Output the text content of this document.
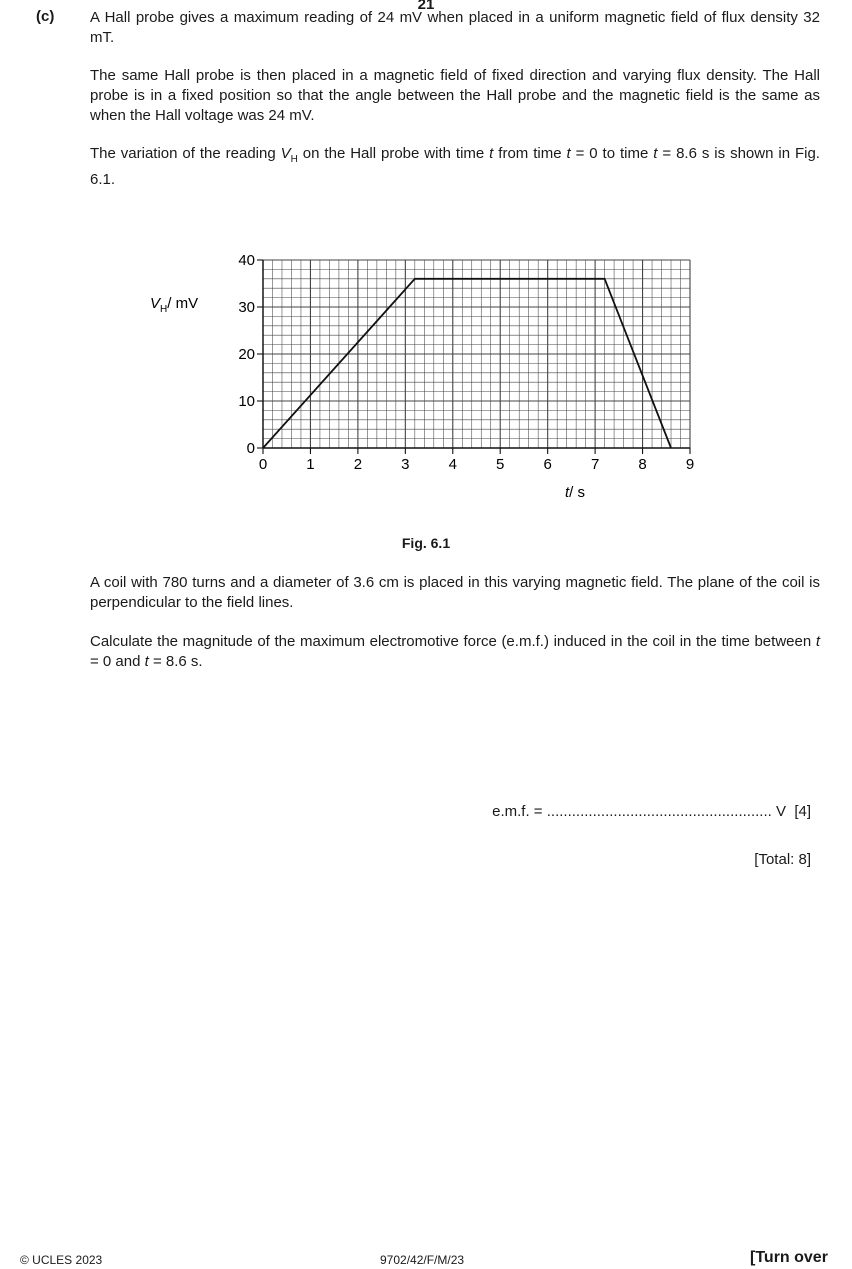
21
(c) A Hall probe gives a maximum reading of 24 mV when placed in a uniform magnetic field of flux density 32 mT.
The same Hall probe is then placed in a magnetic field of fixed direction and varying flux density. The Hall probe is in a fixed position so that the angle between the Hall probe and the magnetic field is the same as when the Hall voltage was 24 mV.
The variation of the reading $V_H$ on the Hall probe with time t from time t = 0 to time t = 8.6 s is shown in Fig. 6.1.
0	1	2	3	4	5	6	7	8	9
0
10
20
30
40
$V_H/$ mV
t/ s
Fig. 6.1
A coil with 780 turns and a diameter of 3.6 cm is placed in this varying magnetic field. The plane of the coil is perpendicular to the field lines.
Calculate the magnitude of the maximum electromotive force (e.m.f.) induced in the coil in the time between t = 0 and t = 8.6 s.
e.m.f. = ...................................................... V [4]
[Total: 8]
© UCLES 2023	9702/42/F/M/23	[Turn over
